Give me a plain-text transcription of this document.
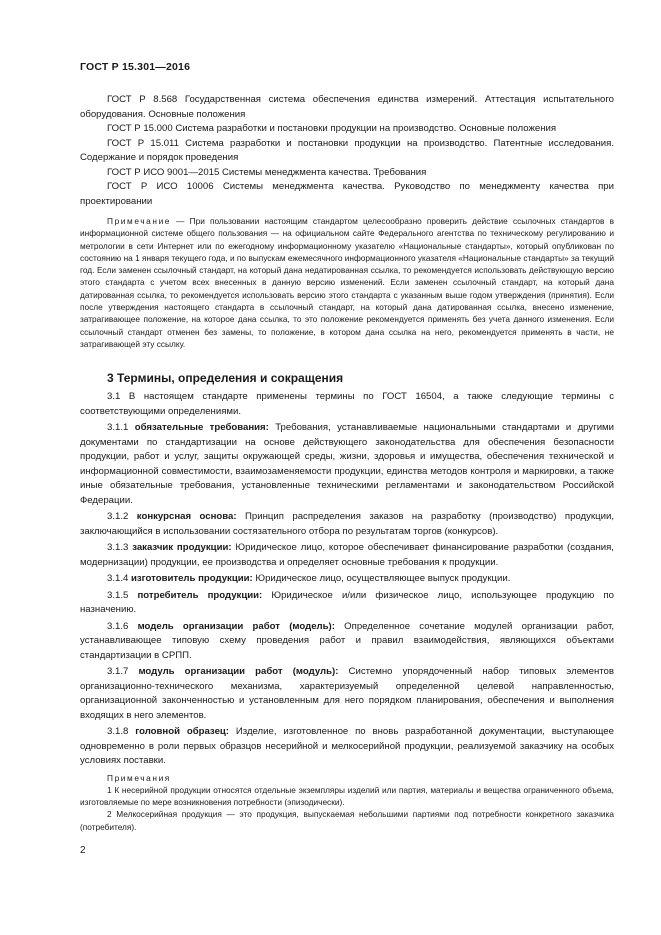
ГОСТ Р 15.301—2016

ГОСТ Р 8.568 Государственная система обеспечения единства измерений. Аттестация испытательного оборудования. Основные положения

ГОСТ Р 15.000 Система разработки и постановки продукции на производство. Основные положения

ГОСТ Р 15.011 Система разработки и постановки продукции на производство. Патентные исследования. Содержание и порядок проведения

ГОСТ Р ИСО 9001—2015 Системы менеджмента качества. Требования

ГОСТ Р ИСО 10006 Системы менеджмента качества. Руководство по менеджменту качества при проектировании

Примечание — При пользовании настоящим стандартом целесообразно проверить действие ссылочных стандартов в информационной системе общего пользования — на официальном сайте Федерального агентства по техническому регулированию и метрологии в сети Интернет или по ежегодному информационному указателю «Национальные стандарты», который опубликован по состоянию на 1 января текущего года, и по выпускам ежемесячного информационного указателя «Национальные стандарты» за текущий год. Если заменен ссылочный стандарт, на который дана недатированная ссылка, то рекомендуется использовать действующую версию этого стандарта с учетом всех внесенных в данную версию изменений. Если заменен ссылочный стандарт, на который дана датированная ссылка, то рекомендуется использовать версию этого стандарта с указанным выше годом утверждения (принятия). Если после утверждения настоящего стандарта в ссылочный стандарт, на который дана датированная ссылка, внесено изменение, затрагивающее положение, на которое дана ссылка, то это положение рекомендуется применять без учета данного изменения. Если ссылочный стандарт отменен без замены, то положение, в котором дана ссылка на него, рекомендуется применять в части, не затрагивающей эту ссылку.

3 Термины, определения и сокращения

3.1 В настоящем стандарте применены термины по ГОСТ 16504, а также следующие термины с соответствующими определениями.

3.1.1 обязательные требования: Требования, устанавливаемые национальными стандартами и другими документами по стандартизации на основе действующего законодательства для обеспечения безопасности продукции, работ и услуг, защиты окружающей среды, жизни, здоровья и имущества, обеспечения технической и информационной совместимости, взаимозаменяемости продукции, единства методов контроля и маркировки, а также иные обязательные требования, установленные техническими регламентами и законодательством Российской Федерации.

3.1.2 конкурсная основа: Принцип распределения заказов на разработку (производство) продукции, заключающийся в использовании состязательного отбора по результатам торгов (конкурсов).

3.1.3 заказчик продукции: Юридическое лицо, которое обеспечивает финансирование разработки (создания, модернизации) продукции, ее производства и определяет основные требования к продукции.

3.1.4 изготовитель продукции: Юридическое лицо, осуществляющее выпуск продукции.

3.1.5 потребитель продукции: Юридическое и/или физическое лицо, использующее продукцию по назначению.

3.1.6 модель организации работ (модель): Определенное сочетание модулей организации работ, устанавливающее типовую схему проведения работ и правил взаимодействия, являющихся объектами стандартизации в СРПП.

3.1.7 модуль организации работ (модуль): Системно упорядоченный набор типовых элементов организационно-технического механизма, характеризуемый определенной целевой направленностью, организационной законченностью и установленным для него порядком планирования, обеспечения и выполнения входящих в него элементов.

3.1.8 головной образец: Изделие, изготовленное по вновь разработанной документации, выступающее одновременно в роли первых образцов несерийной и мелкосерийной продукции, реализуемой заказчику на особых условиях поставки.

Примечания

1 К несерийной продукции относятся отдельные экземпляры изделий или партия, материалы и вещества ограниченного объема, изготовляемые по мере возникновения потребности (эпизодически).

2 Мелкосерийная продукция — это продукция, выпускаемая небольшими партиями под потребности конкретного заказчика (потребителя).

2
